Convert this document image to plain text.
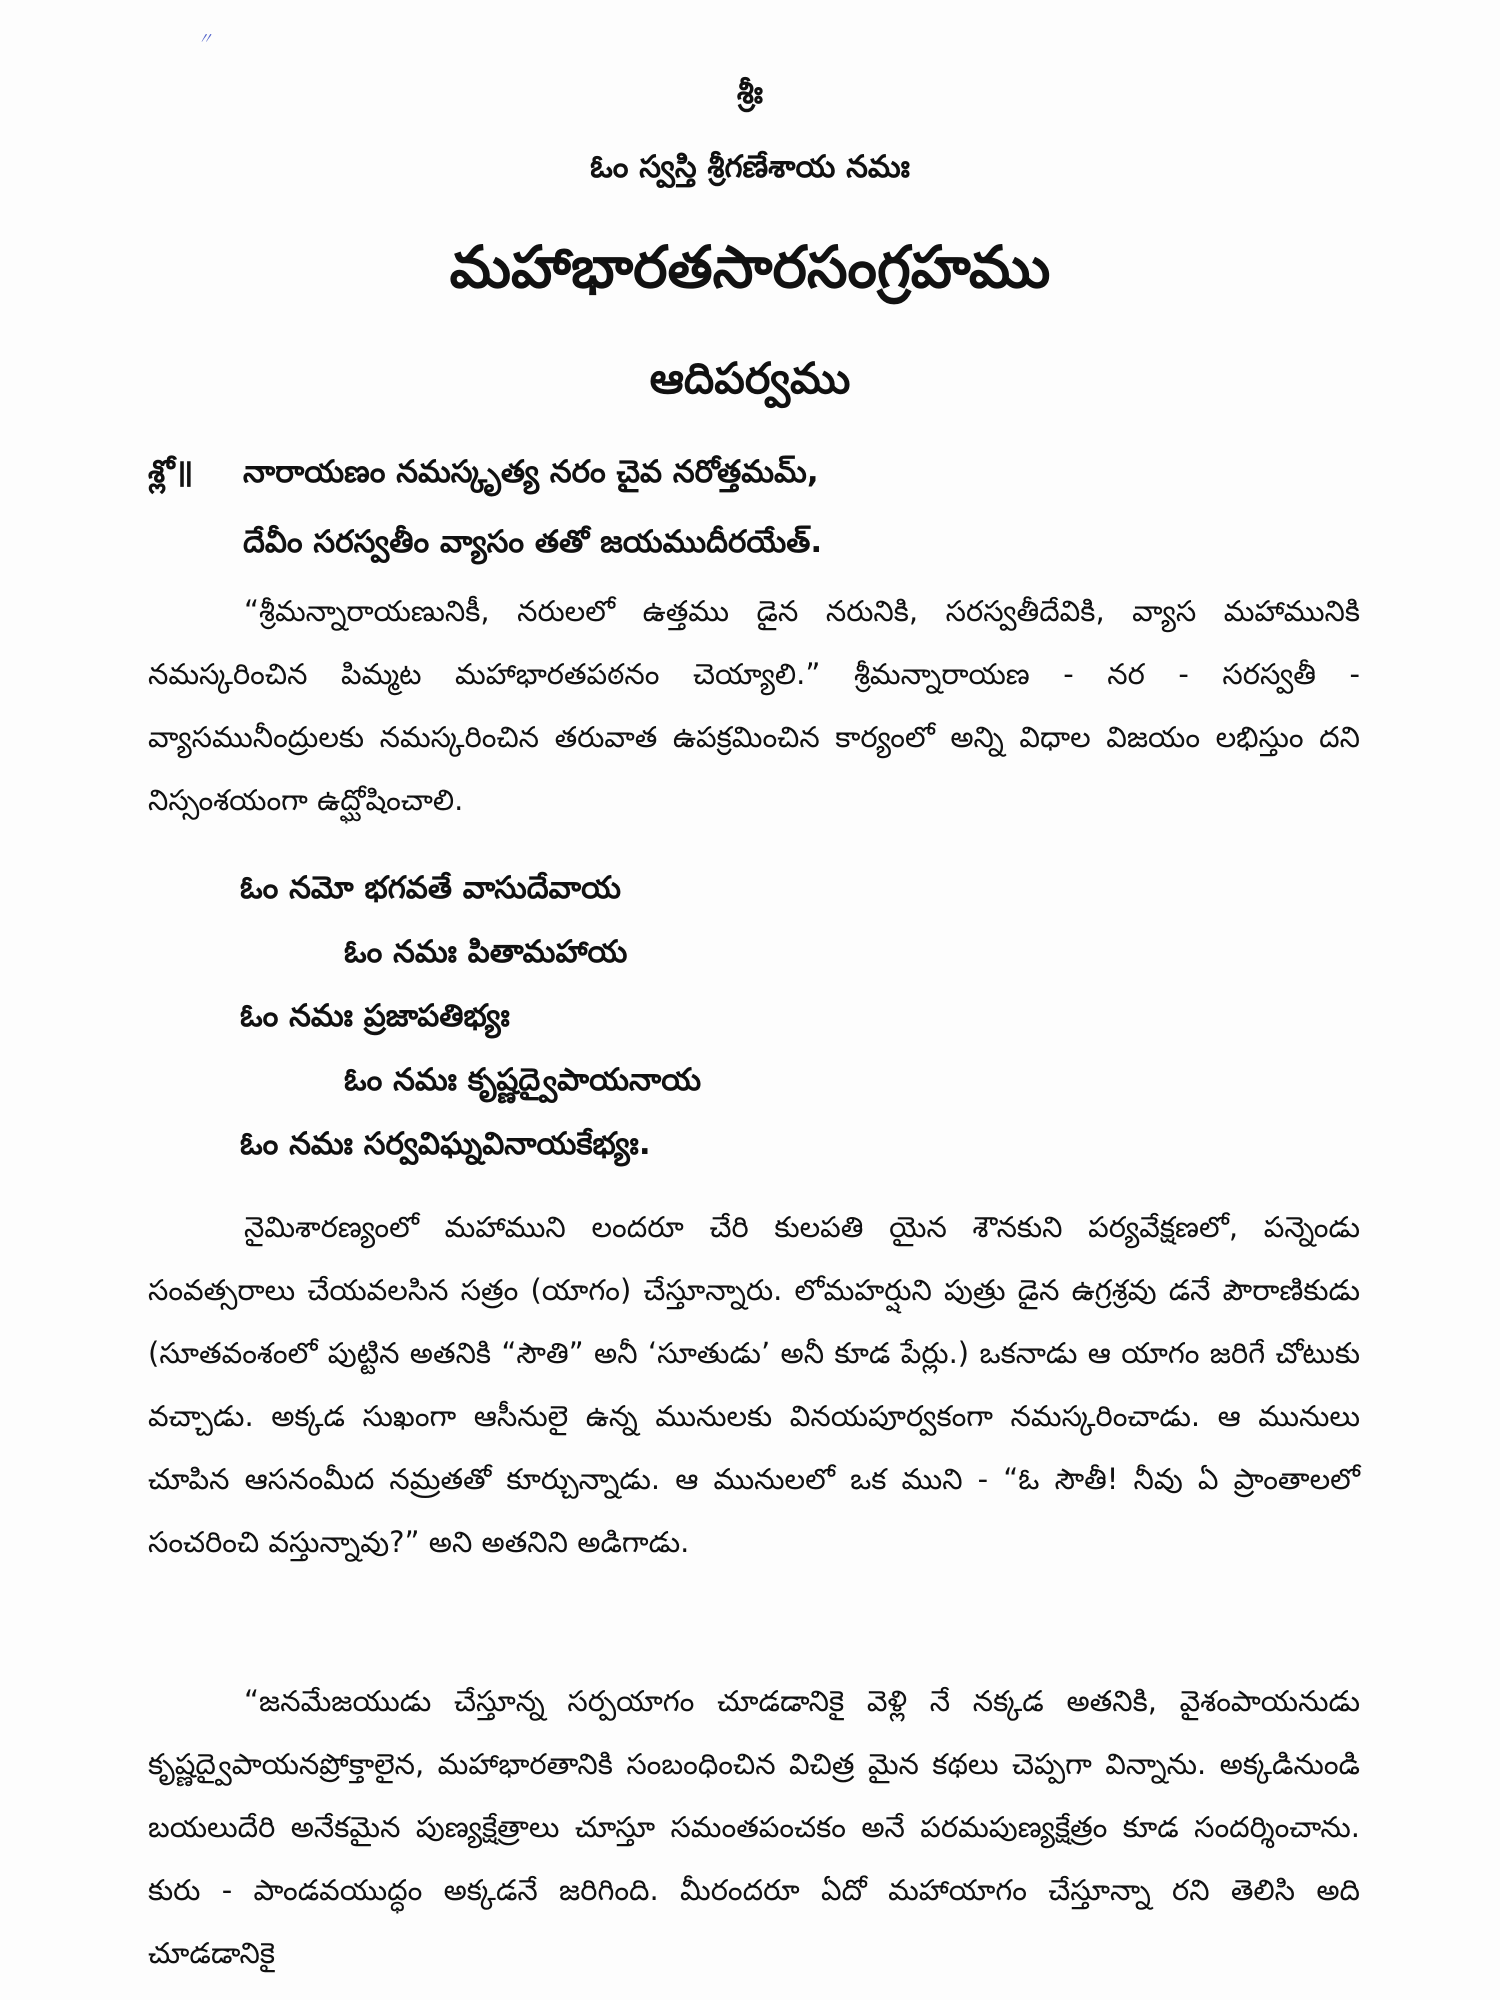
〃
శ్రీః
ఓం స్వస్తి శ్రీగణేశాయ నమః
మహాభారతసారసంగ్రహము
ఆదిపర్వము
శ్లో॥ నారాయణం నమస్కృత్య నరం చైవ నరోత్తమమ్,
దేవీం సరస్వతీం వ్యాసం తతో జయముదీరయేత్.

“శ్రీమన్నారాయణునికీ, నరులలో ఉత్తము డైన నరునికి, సరస్వతీదేవికి, వ్యాస మహామునికి నమస్కరించిన పిమ్మట మహాభారతపఠనం చెయ్యాలి.” శ్రీమన్నారాయణ - నర - సరస్వతీ - వ్యాసమునీంద్రులకు నమస్కరించిన తరువాత ఉపక్రమించిన కార్యంలో అన్ని విధాల విజయం లభిస్తుం దని నిస్సంశయంగా ఉద్ఘోషించాలి.

ఓం నమో భగవతే వాసుదేవాయ
ఓం నమః పితామహాయ
ఓం నమః ప్రజాపతిభ్యః
ఓం నమః కృష్ణద్వైపాయనాయ
ఓం నమః సర్వవిఘ్నవినాయకేభ్యః.

నైమిశారణ్యంలో మహాముని లందరూ చేరి కులపతి యైన శౌనకుని పర్యవేక్షణలో, పన్నెండు సంవత్సరాలు చేయవలసిన సత్రం (యాగం) చేస్తూన్నారు. లోమహర్షుని పుత్రు డైన ఉగ్రశ్రవు డనే పౌరాణికుడు (సూతవంశంలో పుట్టిన అతనికి “సౌతి” అనీ ‘సూతుడు’ అనీ కూడ పేర్లు.) ఒకనాడు ఆ యాగం జరిగే చోటుకు వచ్చాడు. అక్కడ సుఖంగా ఆసీనులై ఉన్న మునులకు వినయపూర్వకంగా నమస్కరించాడు. ఆ మునులు చూపిన ఆసనంమీద నమ్రతతో కూర్చున్నాడు. ఆ మునులలో ఒక ముని - “ఓ సౌతీ! నీవు ఏ ప్రాంతాలలో సంచరించి వస్తున్నావు?” అని అతనిని అడిగాడు.

“జనమేజయుడు చేస్తూన్న సర్పయాగం చూడడానికై వెళ్లి నే నక్కడ అతనికి, వైశంపాయనుడు కృష్ణద్వైపాయనప్రోక్తాలైన, మహాభారతానికి సంబంధించిన విచిత్ర మైన కథలు చెప్పగా విన్నాను. అక్కడినుండి బయలుదేరి అనేకమైన పుణ్యక్షేత్రాలు చూస్తూ సమంతపంచకం అనే పరమపుణ్యక్షేత్రం కూడ సందర్శించాను. కురు - పాండవయుద్ధం అక్కడనే జరిగింది. మీరందరూ ఏదో మహాయాగం చేస్తూన్నా రని తెలిసి అది చూడడానికై
